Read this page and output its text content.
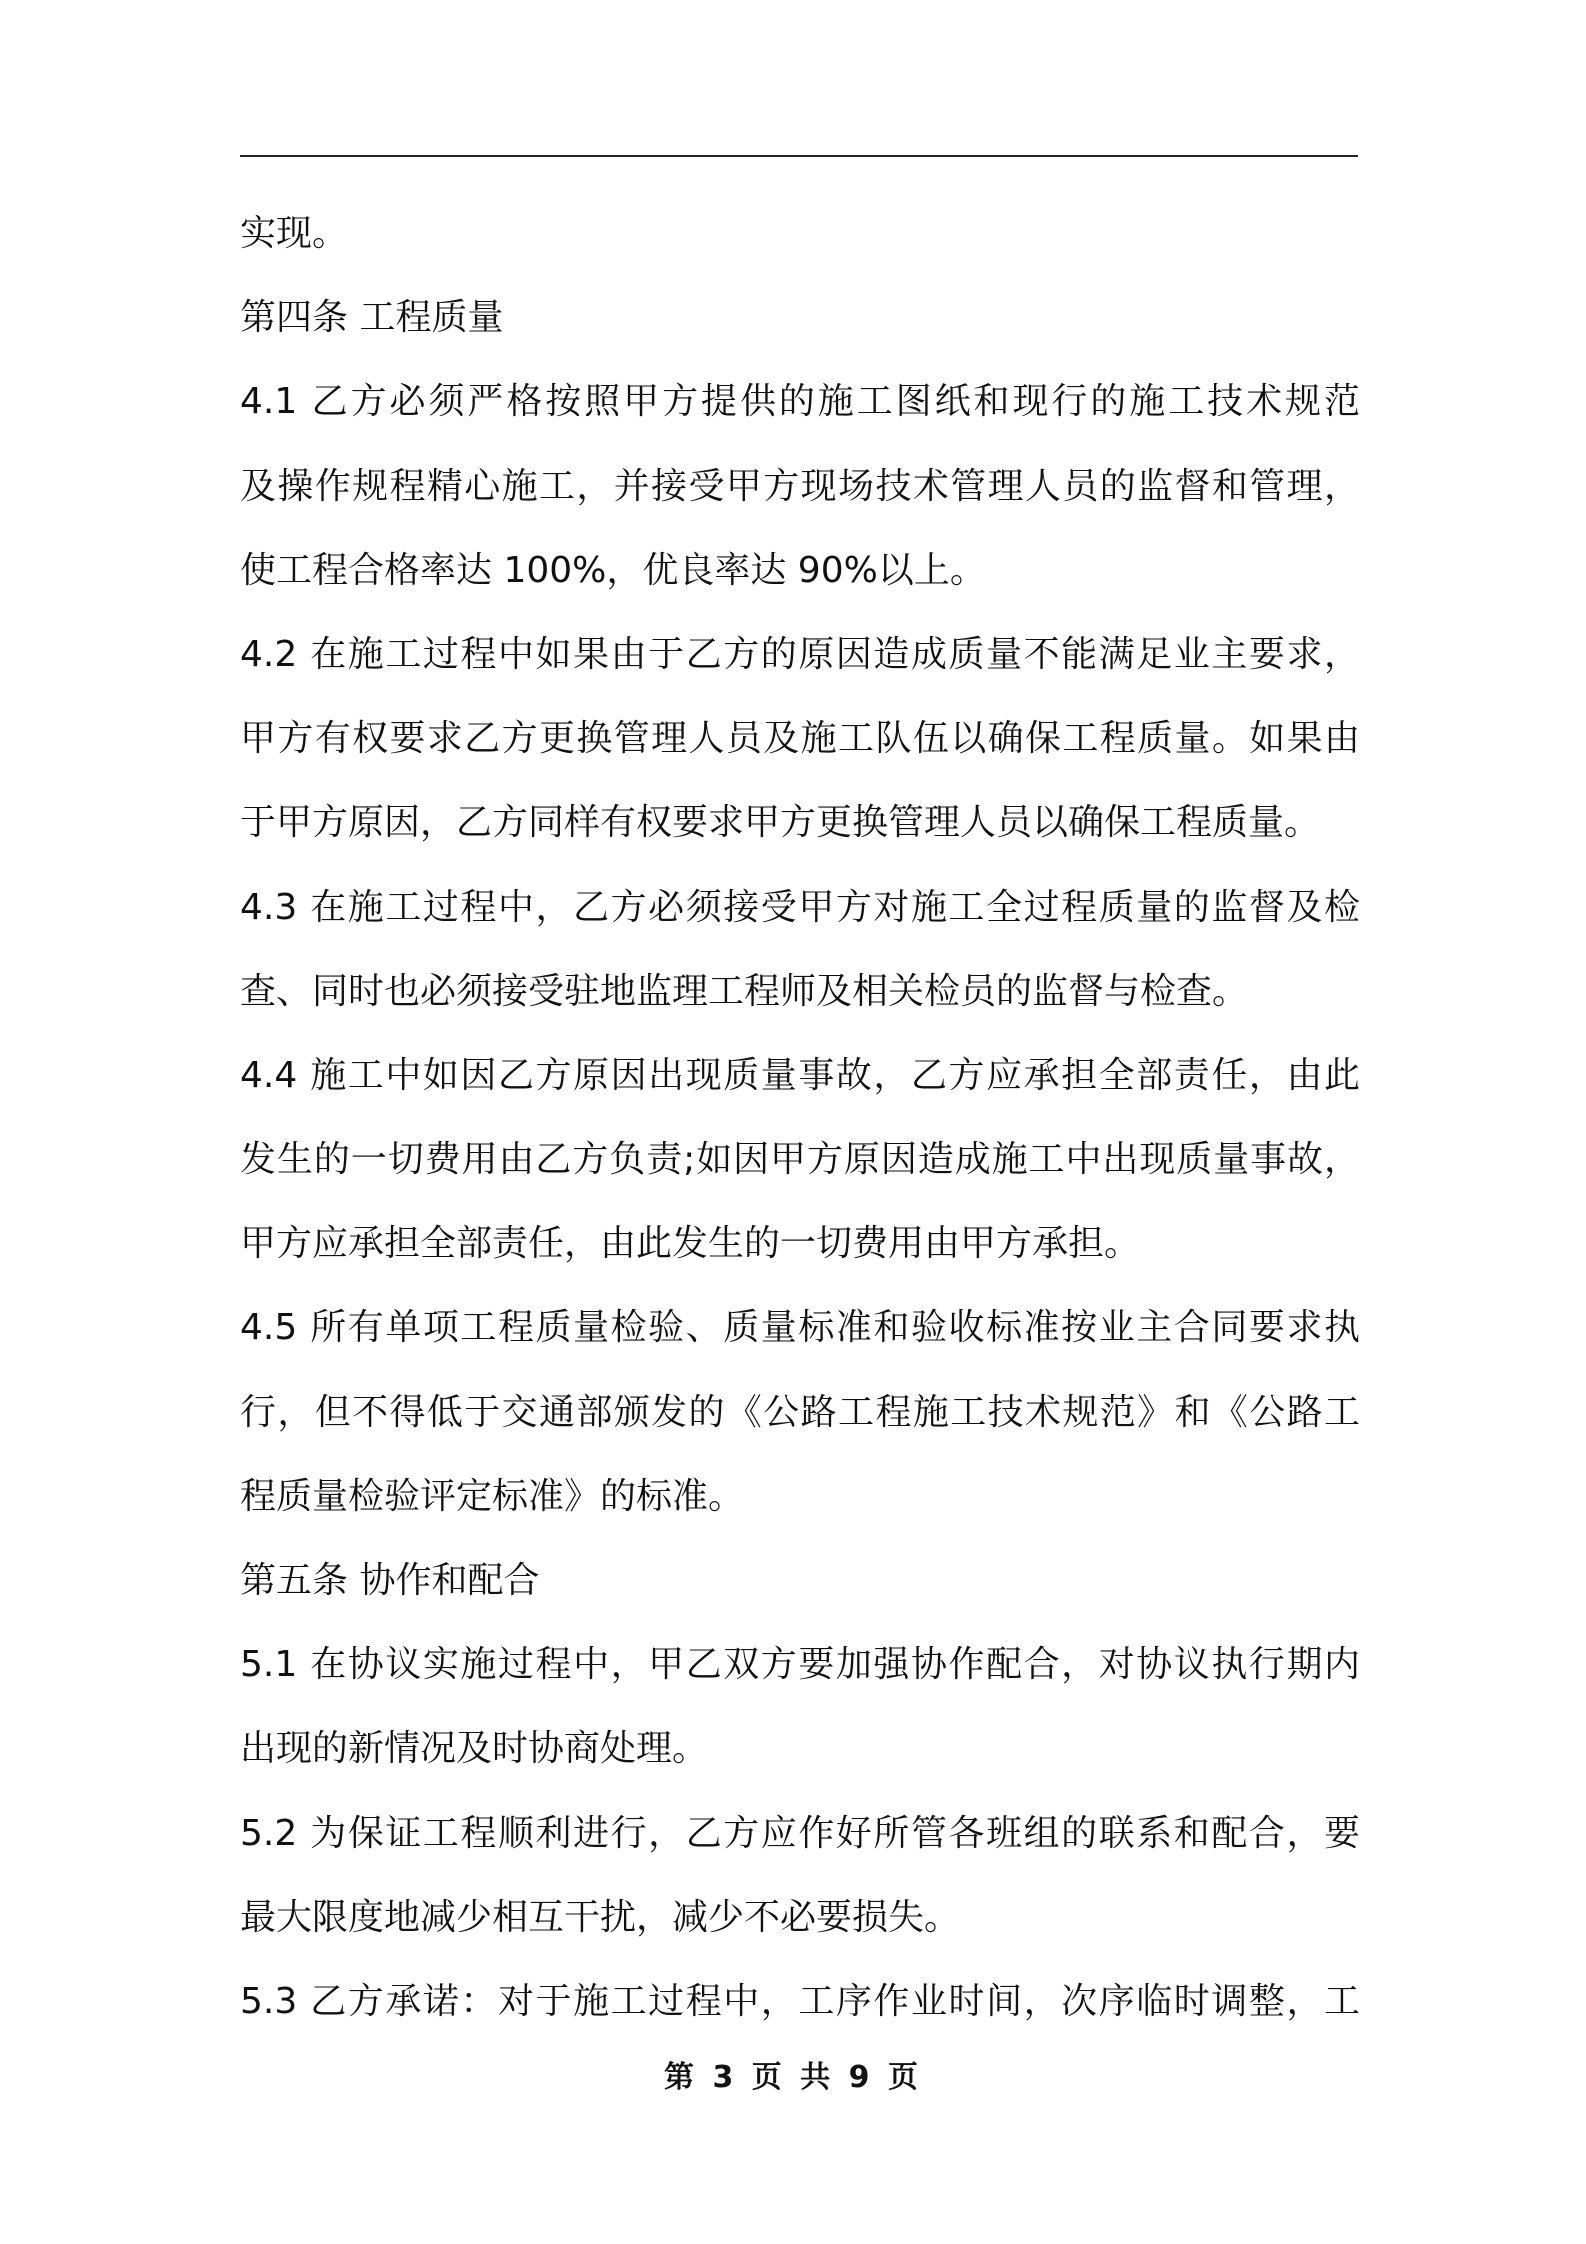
实现。
第四条 工程质量
4.1 乙方必须严格按照甲方提供的施工图纸和现行的施工技术规范
及操作规程精心施工，并接受甲方现场技术管理人员的监督和管理，
使工程合格率达 100%，优良率达 90%以上。
4.2 在施工过程中如果由于乙方的原因造成质量不能满足业主要求，
甲方有权要求乙方更换管理人员及施工队伍以确保工程质量。如果由
于甲方原因，乙方同样有权要求甲方更换管理人员以确保工程质量。
4.3 在施工过程中，乙方必须接受甲方对施工全过程质量的监督及检
查、同时也必须接受驻地监理工程师及相关检员的监督与检查。
4.4 施工中如因乙方原因出现质量事故，乙方应承担全部责任，由此
发生的一切费用由乙方负责;如因甲方原因造成施工中出现质量事故，
甲方应承担全部责任，由此发生的一切费用由甲方承担。
4.5 所有单项工程质量检验、质量标准和验收标准按业主合同要求执
行，但不得低于交通部颁发的《公路工程施工技术规范》和《公路工
程质量检验评定标准》的标准。
第五条 协作和配合
5.1 在协议实施过程中，甲乙双方要加强协作配合，对协议执行期内
出现的新情况及时协商处理。
5.2 为保证工程顺利进行，乙方应作好所管各班组的联系和配合，要
最大限度地减少相互干扰，减少不必要损失。
5.3 乙方承诺：对于施工过程中，工序作业时间，次序临时调整，工
第 3 页 共 9 页
